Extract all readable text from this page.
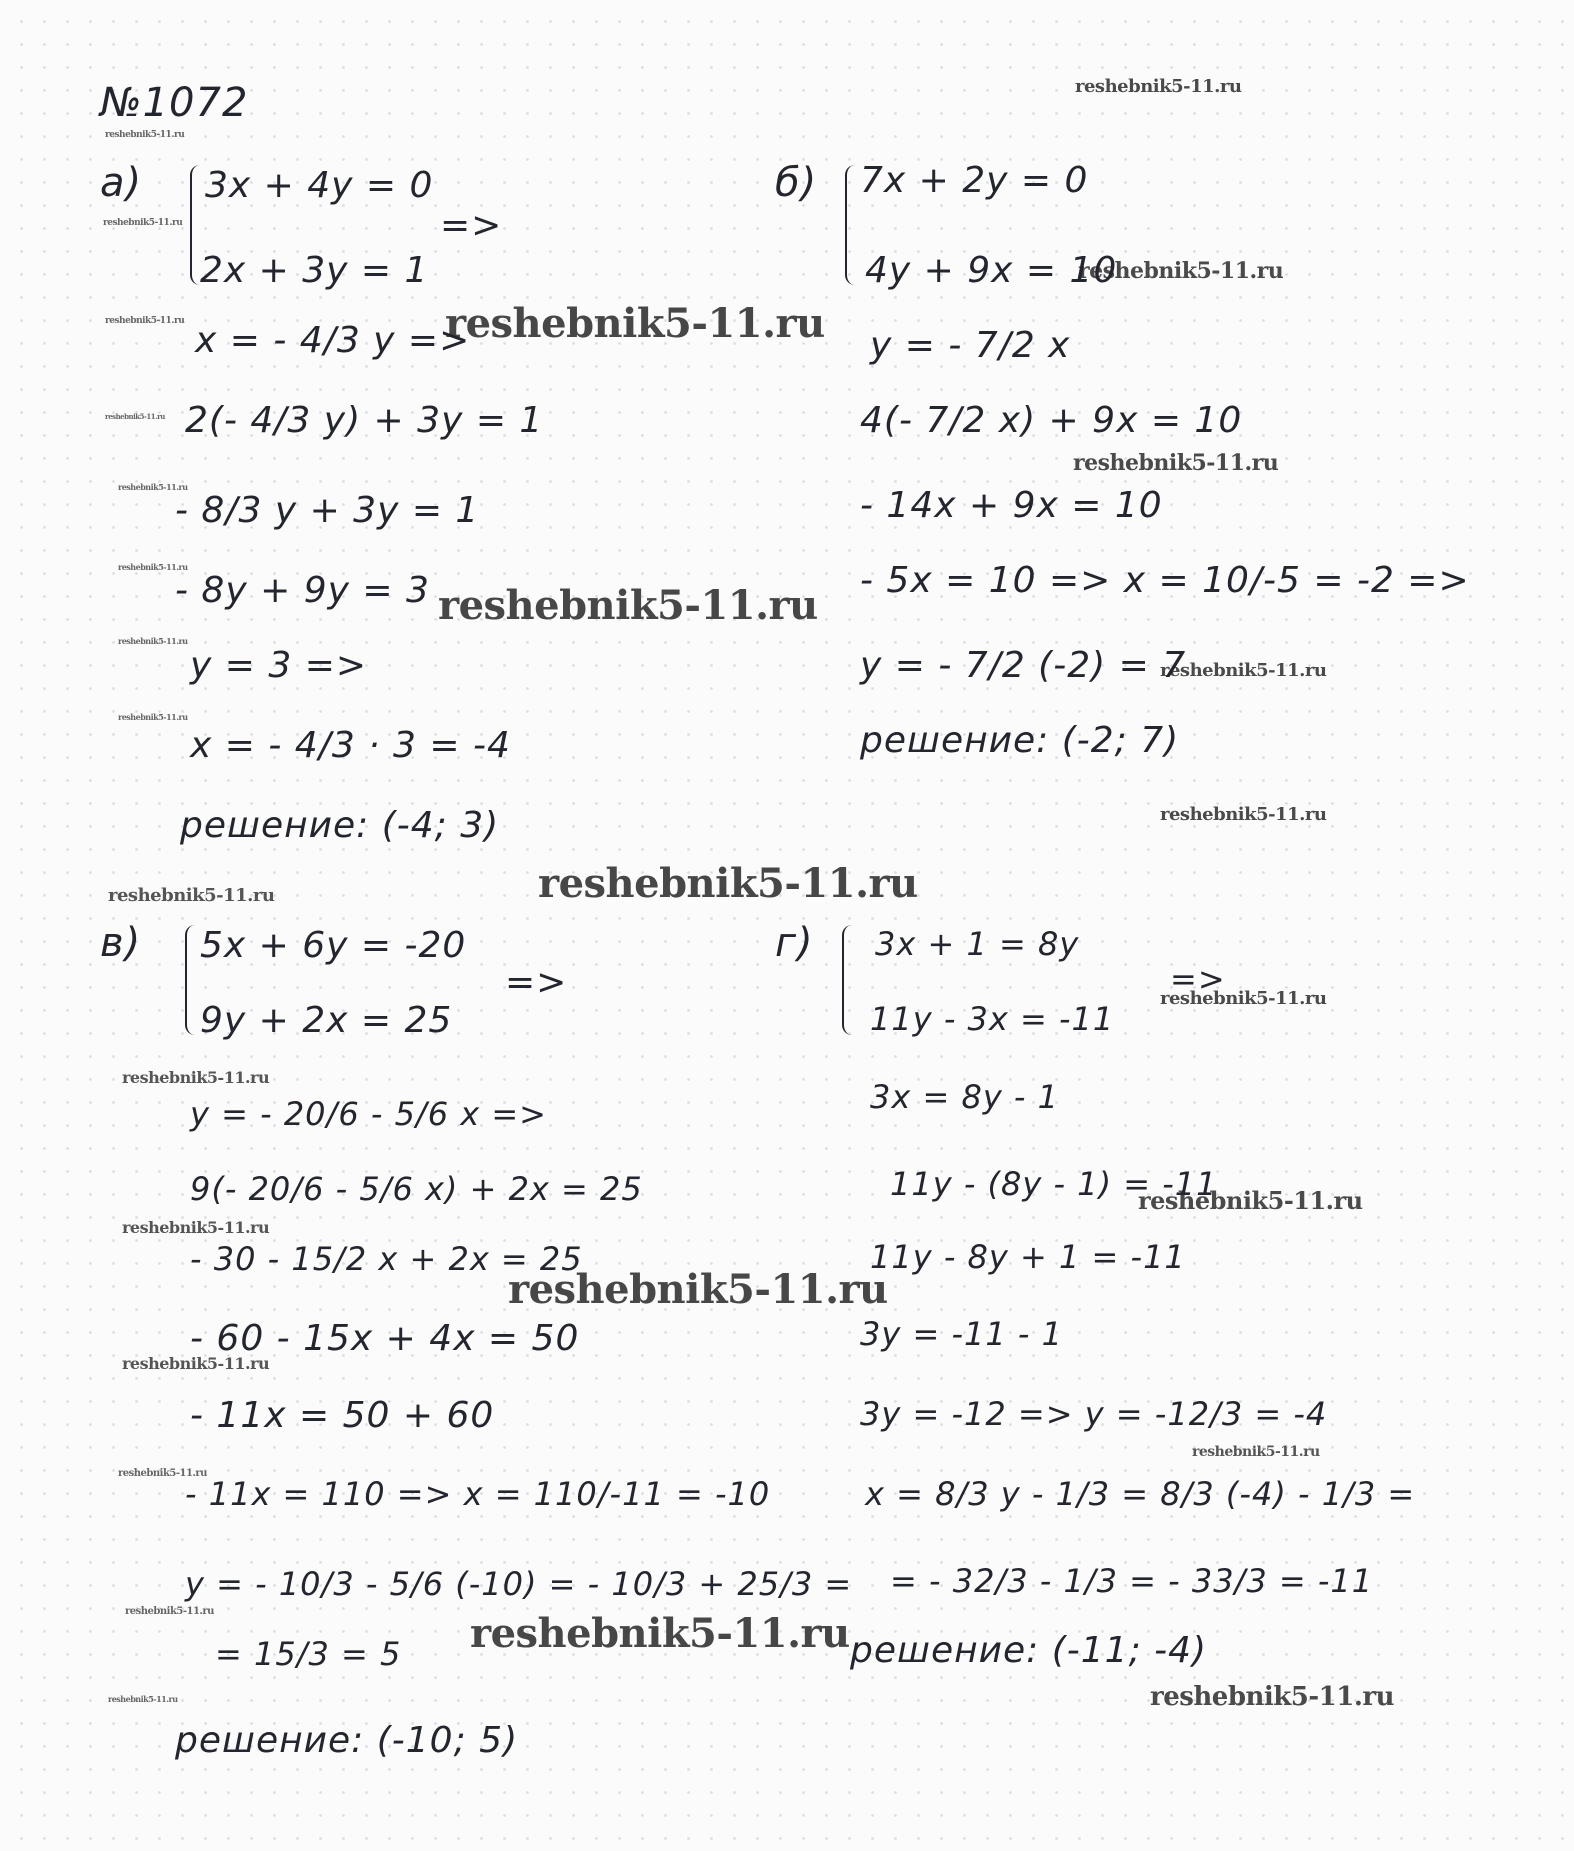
№1072	reshebnik5-11.ru
reshebnik5-11.ru
reshebnik5-11.ru
reshebnik5-11.ru
reshebnik5-11.ru	reshebnik5-11.ru
reshebnik5-11.ru
reshebnik5-11.ru
reshebnik5-11.ru
reshebnik5-11.ru
reshebnik5-11.ru
reshebnik5-11.ru
reshebnik5-11.ru
reshebnik5-11.ru
reshebnik5-11.ru
reshebnik5-11.ru	reshebnik5-11.ru
reshebnik5-11.ru
reshebnik5-11.ru
reshebnik5-11.ru
reshebnik5-11.ru
reshebnik5-11.ru
reshebnik5-11.ru
reshebnik5-11.ru
reshebnik5-11.ru
reshebnik5-11.ru	reshebnik5-11.ru
reshebnik5-11.ru
reshebnik5-11.ru
а) 3x + 4y = 0
2x + 3y = 1
=>
x = - 4/3 y =>
2(- 4/3 y) + 3y = 1
- 8/3 y + 3y = 1
- 8y + 9y = 3
y = 3 =>
x = - 4/3 · 3 = -4
решение: (-4; 3)
б) 7x + 2y = 0
4y + 9x = 10
y = - 7/2 x
4(- 7/2 x) + 9x = 10
- 14x + 9x = 10
- 5x = 10 => x = 10/-5 = -2 =>
y = - 7/2 (-2) = 7
решение: (-2; 7)
в) 5x + 6y = -20
9y + 2x = 25
=>
y = - 20/6 - 5/6 x =>
9(- 20/6 - 5/6 x) + 2x = 25
- 30 - 15/2 x + 2x = 25
- 60 - 15x + 4x = 50
- 11x = 50 + 60
- 11x = 110 => x = 110/-11 = -10
y = - 10/3 - 5/6 (-10) = - 10/3 + 25/3 =
= 15/3 = 5
решение: (-10; 5)
г) 3x + 1 = 8y
11y - 3x = -11
=>
3x = 8y - 1
11y - (8y - 1) = -11
11y - 8y + 1 = -11
3y = -11 - 1
3y = -12 => y = -12/3 = -4
x = 8/3 y - 1/3 = 8/3 (-4) - 1/3 =
= - 32/3 - 1/3 = - 33/3 = -11
решение: (-11; -4)
